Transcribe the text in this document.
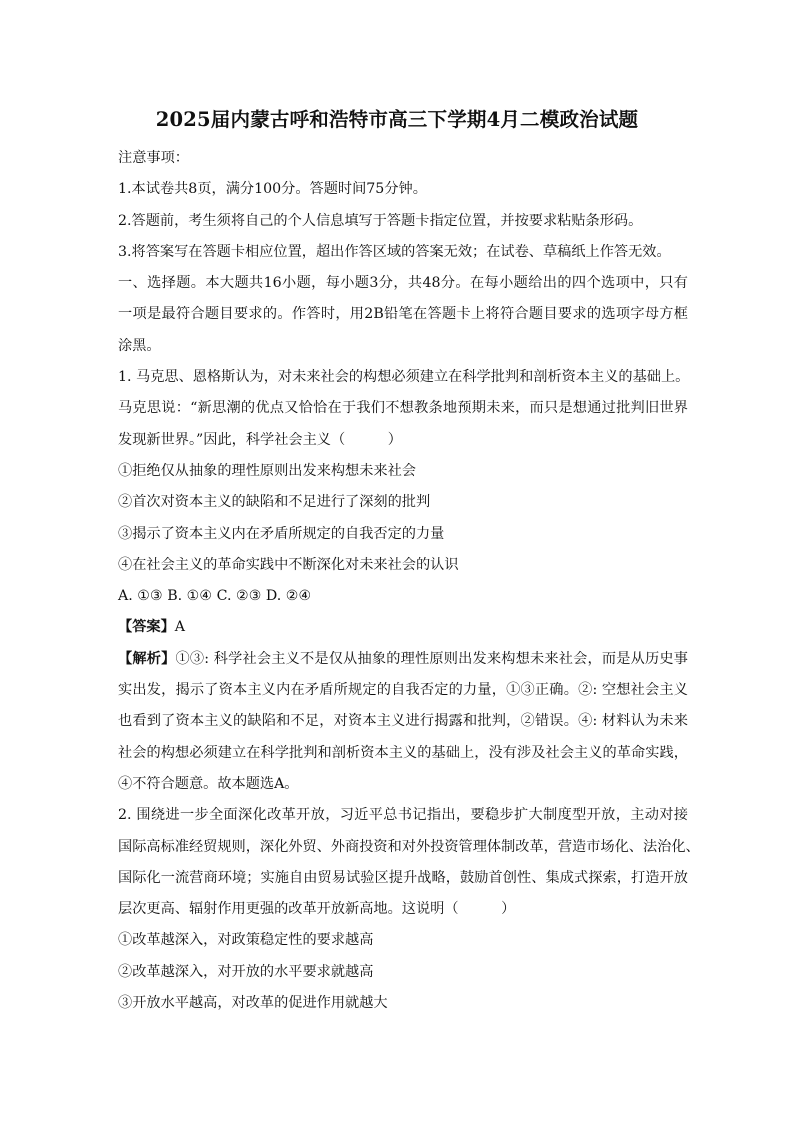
2025届内蒙古呼和浩特市高三下学期4月二模政治试题
注意事项：
1.本试卷共8页，满分100分。答题时间75分钟。
2.答题前，考生须将自己的个人信息填写于答题卡指定位置，并按要求粘贴条形码。
3.将答案写在答题卡相应位置，超出作答区域的答案无效；在试卷、草稿纸上作答无效。
一、选择题。本大题共16小题，每小题3分，共48分。在每小题给出的四个选项中，只有
一项是最符合题目要求的。作答时，用2B铅笔在答题卡上将符合题目要求的选项字母方框
涂黑。
1. 马克思、恩格斯认为，对未来社会的构想必须建立在科学批判和剖析资本主义的基础上。
马克思说：“新思潮的优点又恰恰在于我们不想教条地预期未来，而只是想通过批判旧世界
发现新世界。”因此，科学社会主义（　　　）
①拒绝仅从抽象的理性原则出发来构想未来社会
②首次对资本主义的缺陷和不足进行了深刻的批判
③揭示了资本主义内在矛盾所规定的自我否定的力量
④在社会主义的革命实践中不断深化对未来社会的认识
A. ①③ B. ①④ C. ②③ D. ②④
【答案】A
【解析】①③: 科学社会主义不是仅从抽象的理性原则出发来构想未来社会，而是从历史事
实出发，揭示了资本主义内在矛盾所规定的自我否定的力量，①③正确。②: 空想社会主义
也看到了资本主义的缺陷和不足，对资本主义进行揭露和批判，②错误。④: 材料认为未来
社会的构想必须建立在科学批判和剖析资本主义的基础上，没有涉及社会主义的革命实践，
④不符合题意。故本题选A。
2. 围绕进一步全面深化改革开放，习近平总书记指出，要稳步扩大制度型开放，主动对接
国际高标准经贸规则，深化外贸、外商投资和对外投资管理体制改革，营造市场化、法治化、
国际化一流营商环境；实施自由贸易试验区提升战略，鼓励首创性、集成式探索，打造开放
层次更高、辐射作用更强的改革开放新高地。这说明（　　　）
①改革越深入，对政策稳定性的要求越高
②改革越深入，对开放的水平要求就越高
③开放水平越高，对改革的促进作用就越大
